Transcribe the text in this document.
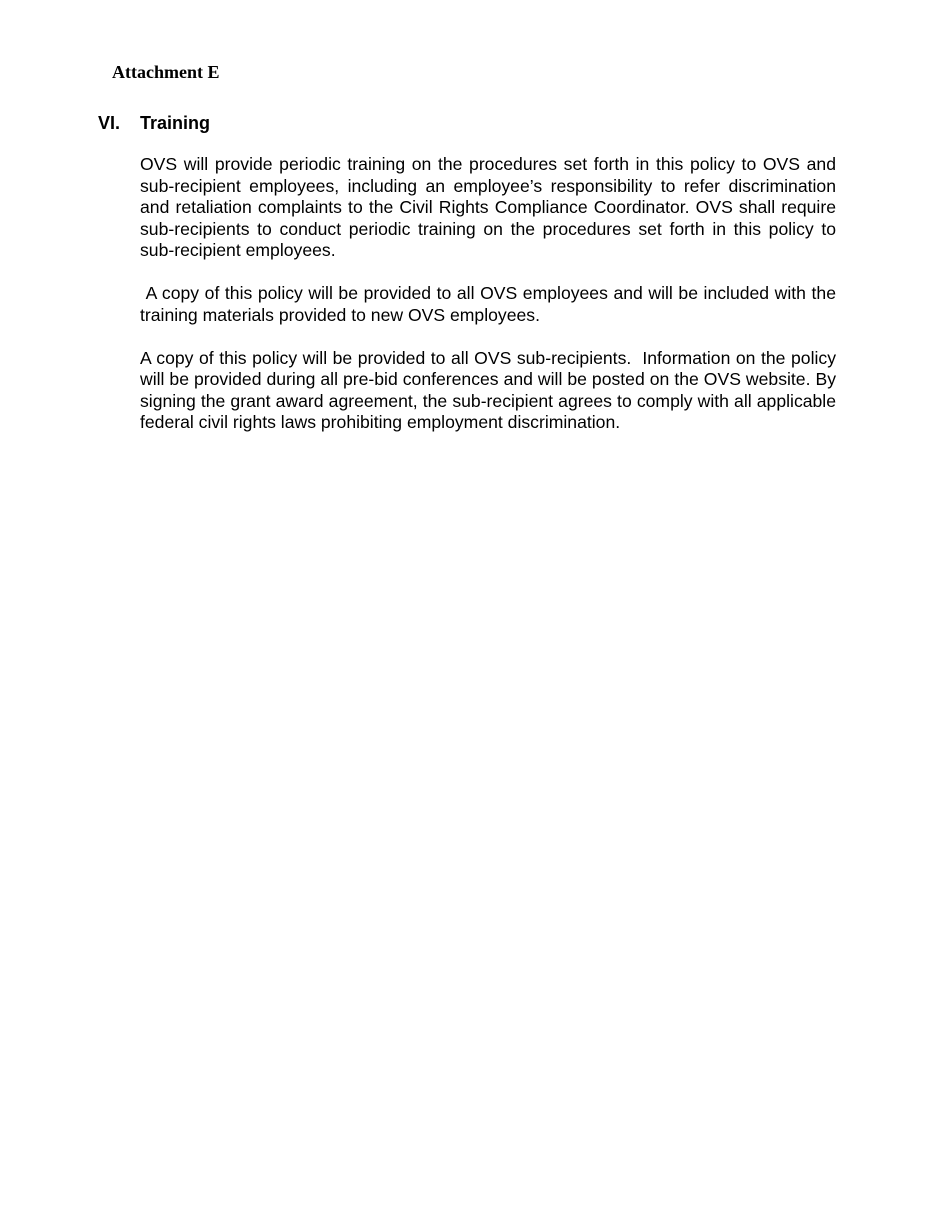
Attachment E
VI. Training

OVS will provide periodic training on the procedures set forth in this policy to OVS and sub-recipient employees, including an employee’s responsibility to refer discrimination and retaliation complaints to the Civil Rights Compliance Coordinator. OVS shall require sub-recipients to conduct periodic training on the procedures set forth in this policy to sub-recipient employees.

A copy of this policy will be provided to all OVS employees and will be included with the training materials provided to new OVS employees.

A copy of this policy will be provided to all OVS sub-recipients.  Information on the policy will be provided during all pre-bid conferences and will be posted on the OVS website. By signing the grant award agreement, the sub-recipient agrees to comply with all applicable federal civil rights laws prohibiting employment discrimination.
